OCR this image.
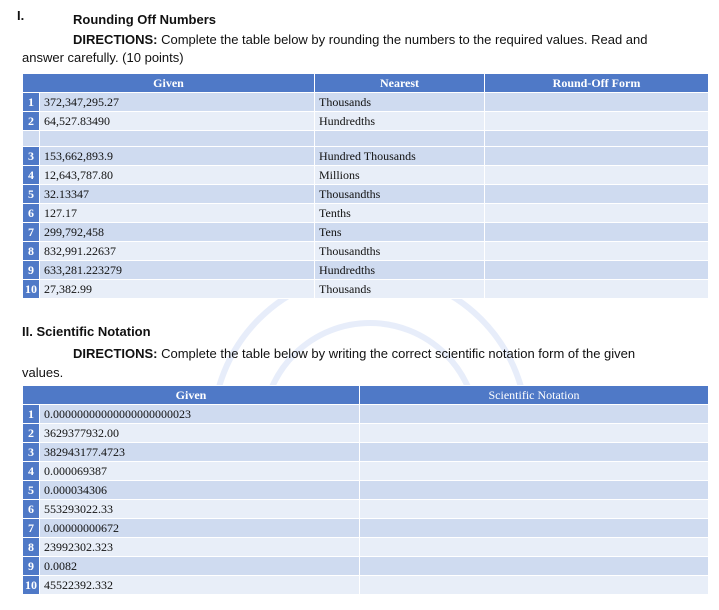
I.	Rounding Off Numbers
DIRECTIONS: Complete the table below by rounding the numbers to the required values. Read and
answer carefully. (10 points)
Given		Nearest	Round-Off Form
1	372,347,295.27	Thousands	
2	64,527.83490	Hundredths	

3	153,662,893.9	Hundred Thousands	
4	12,643,787.80	Millions	
5	32.13347	Thousandths	
6	127.17	Tenths	
7	299,792,458	Tens	
8	832,991.22637	Thousandths	
9	633,281.223279	Hundredths	
10	27,382.99	Thousands	
II. Scientific Notation
DIRECTIONS: Complete the table below by writing the correct scientific notation form of the given
values.
Given		Scientific Notation
1	0.00000000000000000000023	
2	3629377932.00	
3	382943177.4723	
4	0.000069387	
5	0.000034306	
6	553293022.33	
7	0.00000000672	
8	23992302.323	
9	0.0082	
10	45522392.332	
